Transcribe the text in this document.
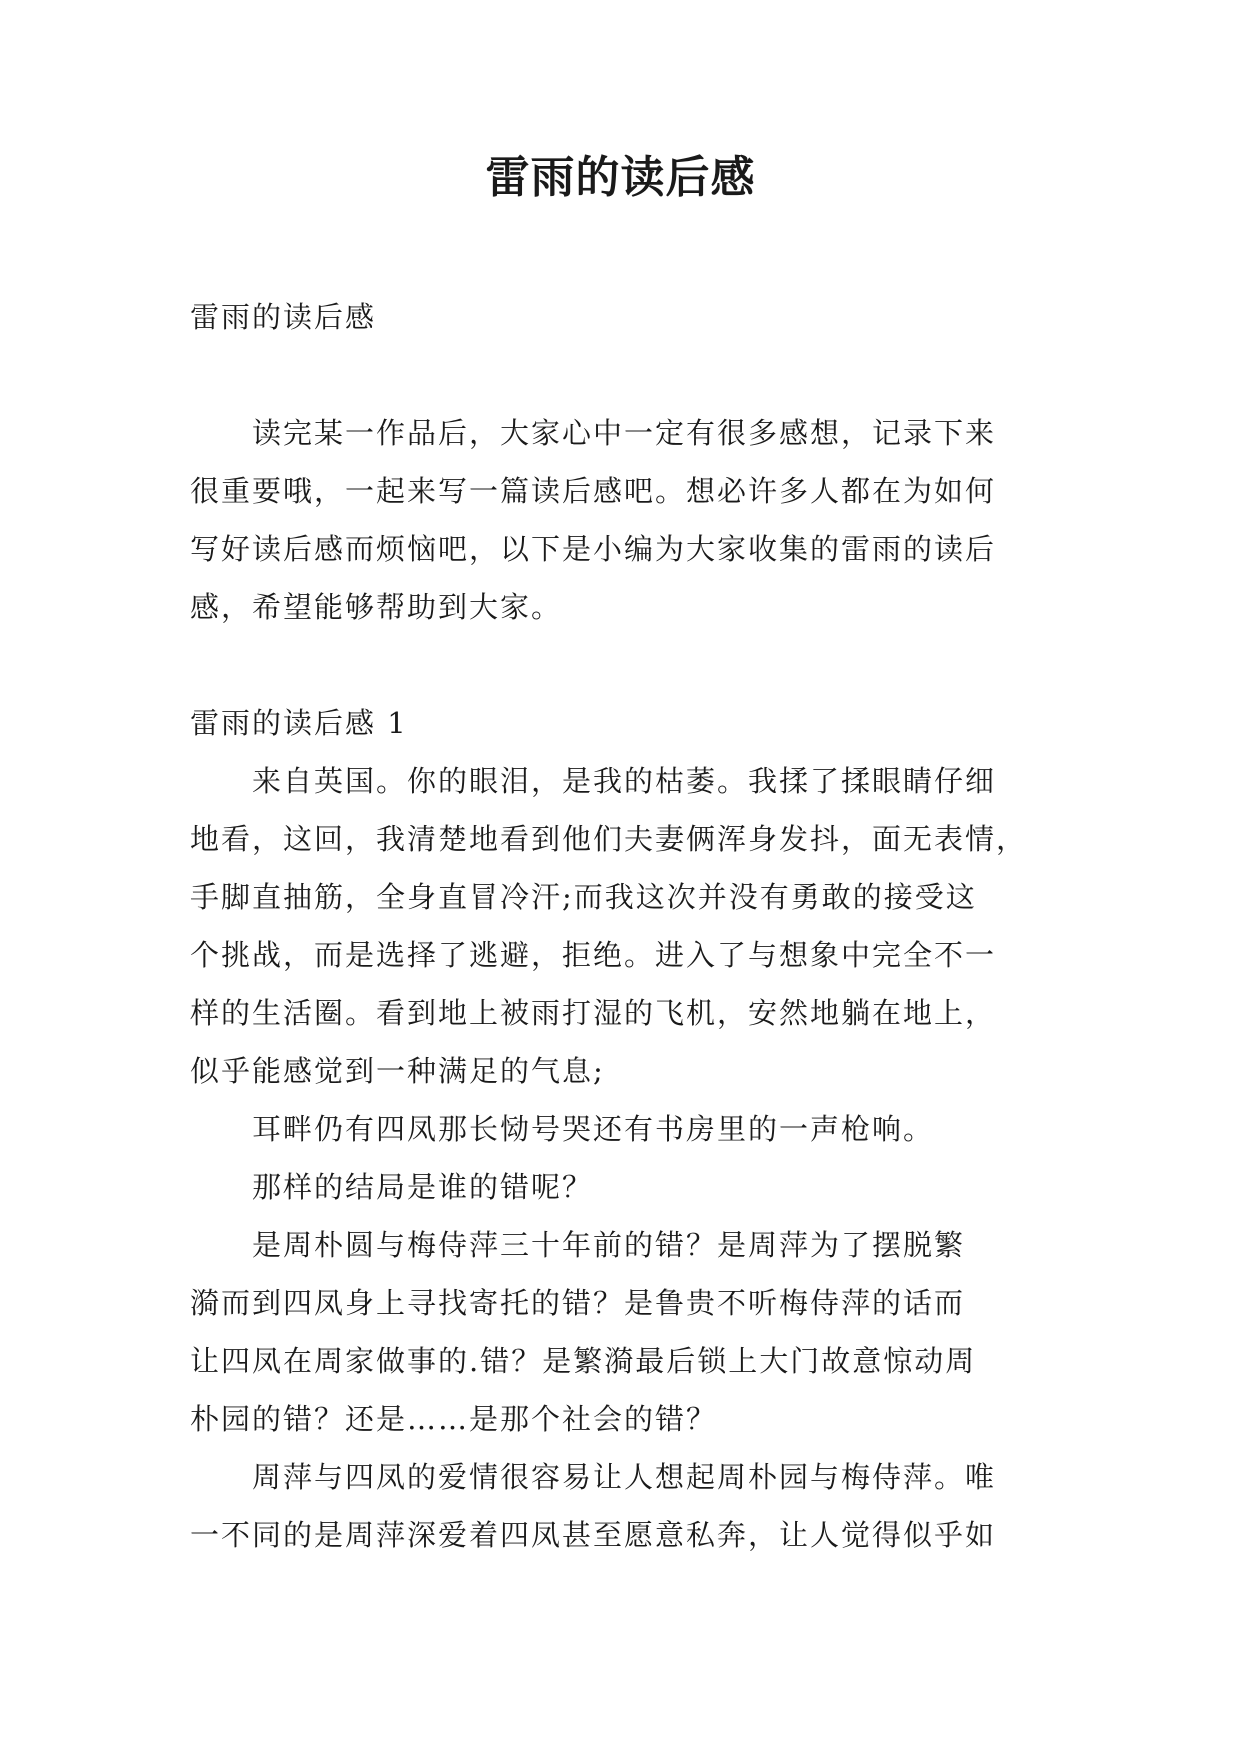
雷雨的读后感

雷雨的读后感

　　读完某一作品后，大家心中一定有很多感想，记录下来

很重要哦，一起来写一篇读后感吧。想必许多人都在为如何

写好读后感而烦恼吧，以下是小编为大家收集的雷雨的读后

感，希望能够帮助到大家。

雷雨的读后感 1

　　来自英国。你的眼泪，是我的枯萎。我揉了揉眼睛仔细

地看，这回，我清楚地看到他们夫妻俩浑身发抖，面无表情，

手脚直抽筋，全身直冒冷汗;而我这次并没有勇敢的接受这

个挑战，而是选择了逃避，拒绝。进入了与想象中完全不一

样的生活圈。看到地上被雨打湿的飞机，安然地躺在地上，

似乎能感觉到一种满足的气息;

　　耳畔仍有四凤那长恸号哭还有书房里的一声枪响。

　　那样的结局是谁的错呢？

　　是周朴圆与梅侍萍三十年前的错？是周萍为了摆脱繁

漪而到四凤身上寻找寄托的错？是鲁贵不听梅侍萍的话而

让四凤在周家做事的.错？是繁漪最后锁上大门故意惊动周

朴园的错？还是……是那个社会的错？

　　周萍与四凤的爱情很容易让人想起周朴园与梅侍萍。唯

一不同的是周萍深爱着四凤甚至愿意私奔，让人觉得似乎如
